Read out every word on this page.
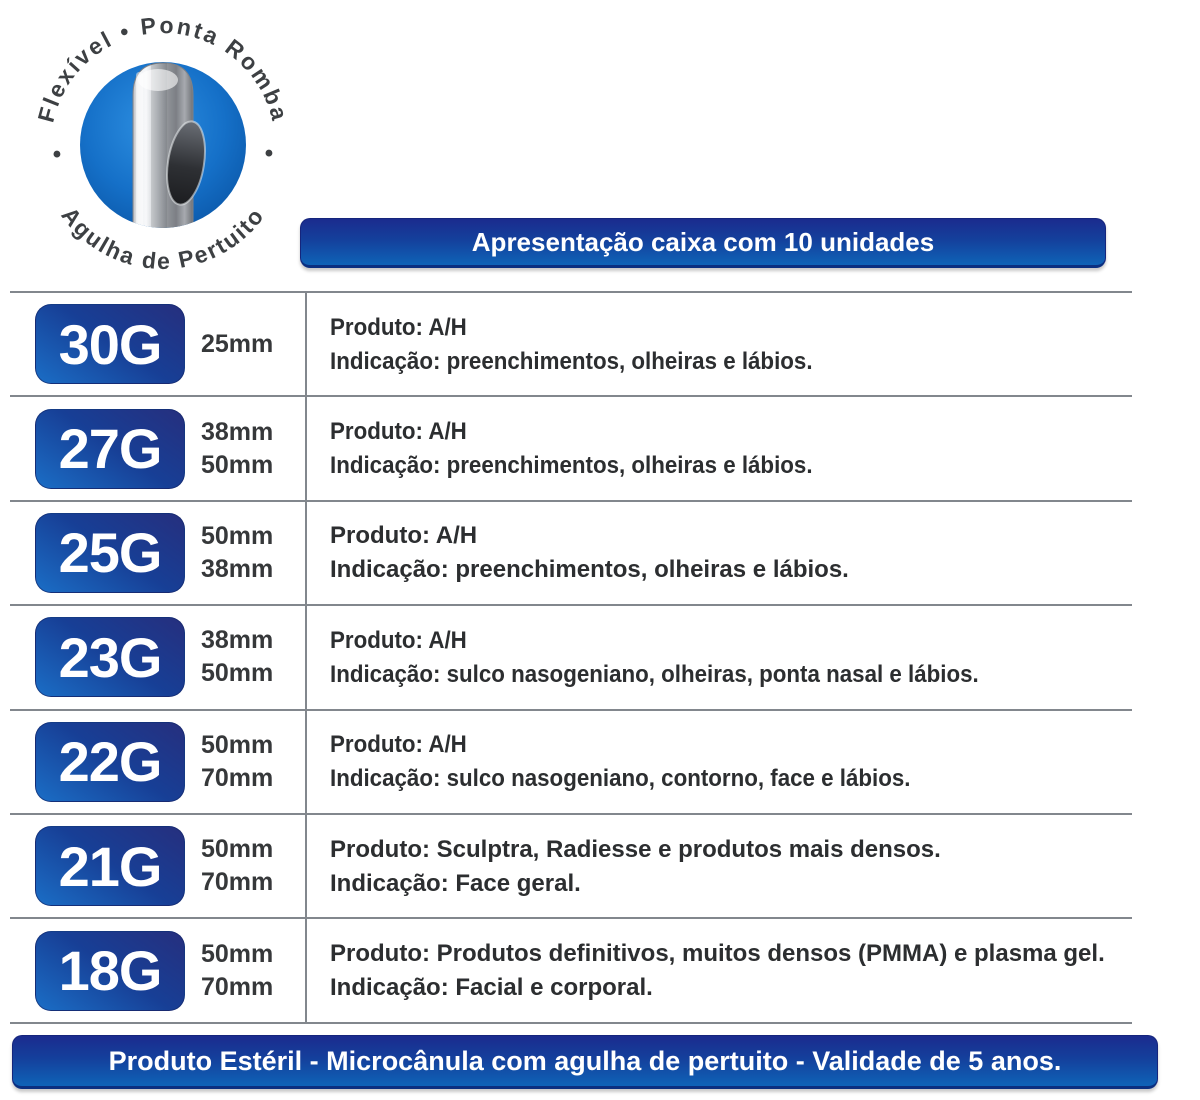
Flexível • Ponta Romba
Agulha de Pertuito
•	•
Apresentação caixa com 10 unidades
30G	25mm
Produto: A/H
Indicação: preenchimentos, olheiras e lábios.
27G	38mm
50mm
Produto: A/H
Indicação: preenchimentos, olheiras e lábios.
25G	50mm
38mm
Produto: A/H
Indicação: preenchimentos, olheiras e lábios.
23G	38mm
50mm
Produto: A/H
Indicação: sulco nasogeniano, olheiras, ponta nasal e lábios.
22G	50mm
70mm
Produto: A/H
Indicação: sulco nasogeniano, contorno, face e lábios.
21G	50mm
70mm
Produto: Sculptra, Radiesse e produtos mais densos.
Indicação: Face geral.
18G	50mm
70mm
Produto: Produtos definitivos, muitos densos (PMMA) e plasma gel.
Indicação: Facial e corporal.
Produto Estéril - Microcânula com agulha de pertuito - Validade de 5 anos.
